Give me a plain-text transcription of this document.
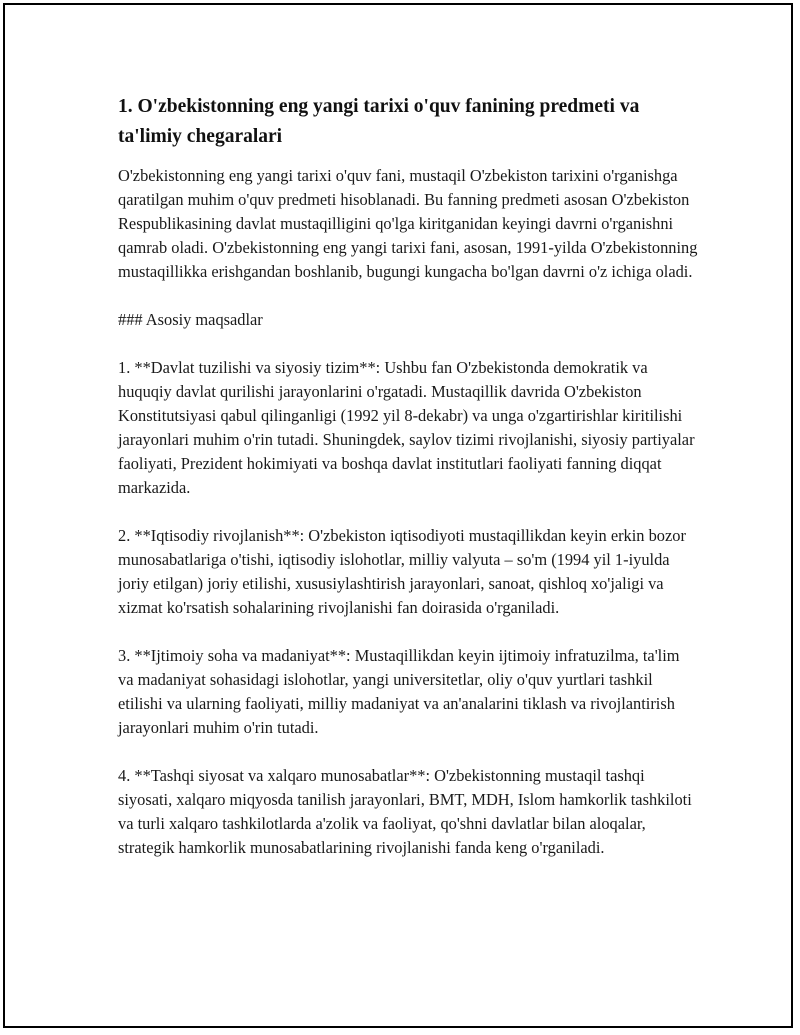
1. O'zbekistonning eng yangi tarixi o'quv fanining predmeti va ta'limiy chegaralari

O'zbekistonning eng yangi tarixi o'quv fani, mustaqil O'zbekiston tarixini o'rganishga qaratilgan muhim o'quv predmeti hisoblanadi. Bu fanning predmeti asosan O'zbekiston Respublikasining davlat mustaqilligini qo'lga kiritganidan keyingi davrni o'rganishni qamrab oladi. O'zbekistonning eng yangi tarixi fani, asosan, 1991-yilda O'zbekistonning mustaqillikka erishgandan boshlanib, bugungi kungacha bo'lgan davrni o'z ichiga oladi.

### Asosiy maqsadlar

1. **Davlat tuzilishi va siyosiy tizim**: Ushbu fan O'zbekistonda demokratik va huquqiy davlat qurilishi jarayonlarini o'rgatadi. Mustaqillik davrida O'zbekiston Konstitutsiyasi qabul qilinganligi (1992 yil 8-dekabr) va unga o'zgartirishlar kiritilishi jarayonlari muhim o'rin tutadi. Shuningdek, saylov tizimi rivojlanishi, siyosiy partiyalar faoliyati, Prezident hokimiyati va boshqa davlat institutlari faoliyati fanning diqqat markazida.

2. **Iqtisodiy rivojlanish**: O'zbekiston iqtisodiyoti mustaqillikdan keyin erkin bozor munosabatlariga o'tishi, iqtisodiy islohotlar, milliy valyuta – so'm (1994 yil 1-iyulda joriy etilgan) joriy etilishi, xususiylashtirish jarayonlari, sanoat, qishloq xo'jaligi va xizmat ko'rsatish sohalarining rivojlanishi fan doirasida o'rganiladi.

3. **Ijtimoiy soha va madaniyat**: Mustaqillikdan keyin ijtimoiy infratuzilma, ta'lim va madaniyat sohasidagi islohotlar, yangi universitetlar, oliy o'quv yurtlari tashkil etilishi va ularning faoliyati, milliy madaniyat va an'analarini tiklash va rivojlantirish jarayonlari muhim o'rin tutadi.

4. **Tashqi siyosat va xalqaro munosabatlar**: O'zbekistonning mustaqil tashqi siyosati, xalqaro miqyosda tanilish jarayonlari, BMT, MDH, Islom hamkorlik tashkiloti va turli xalqaro tashkilotlarda a'zolik va faoliyat, qo'shni davlatlar bilan aloqalar, strategik hamkorlik munosabatlarining rivojlanishi fanda keng o'rganiladi.
